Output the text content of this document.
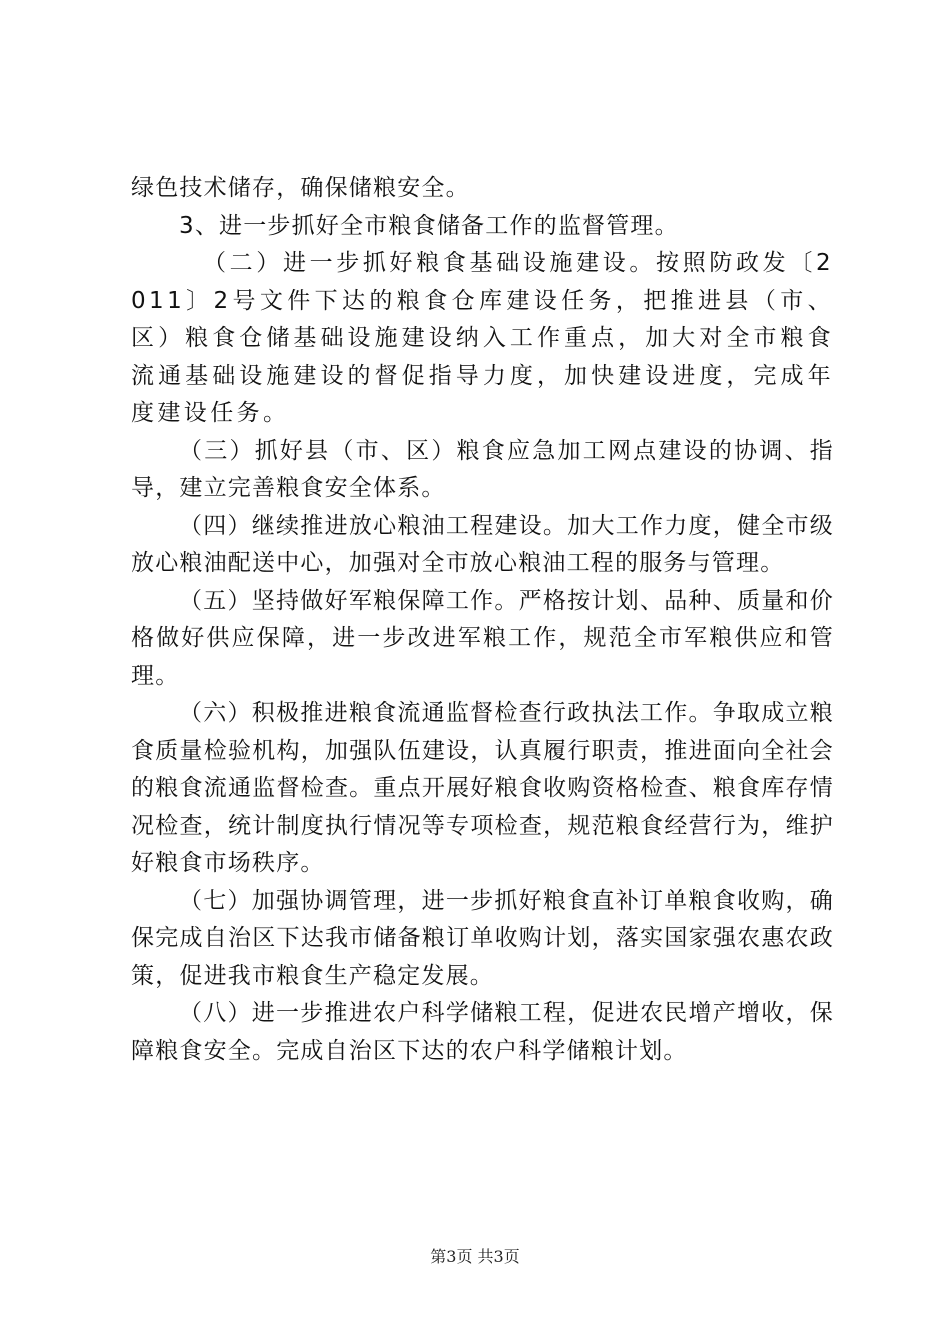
绿色技术储存，确保储粮安全。

3、进一步抓好全市粮食储备工作的监督管理。

（二）进一步抓好粮食基础设施建设。按照防政发〔2011〕2号文件下达的粮食仓库建设任务，把推进县（市、区）粮食仓储基础设施建设纳入工作重点，加大对全市粮食流通基础设施建设的督促指导力度，加快建设进度，完成年度建设任务。

（三）抓好县（市、区）粮食应急加工网点建设的协调、指导，建立完善粮食安全体系。

（四）继续推进放心粮油工程建设。加大工作力度，健全市级放心粮油配送中心，加强对全市放心粮油工程的服务与管理。

（五）坚持做好军粮保障工作。严格按计划、品种、质量和价格做好供应保障，进一步改进军粮工作，规范全市军粮供应和管理。

（六）积极推进粮食流通监督检查行政执法工作。争取成立粮食质量检验机构，加强队伍建设，认真履行职责，推进面向全社会的粮食流通监督检查。重点开展好粮食收购资格检查、粮食库存情况检查，统计制度执行情况等专项检查，规范粮食经营行为，维护好粮食市场秩序。

（七）加强协调管理，进一步抓好粮食直补订单粮食收购，确保完成自治区下达我市储备粮订单收购计划，落实国家强农惠农政策，促进我市粮食生产稳定发展。

（八）进一步推进农户科学储粮工程，促进农民增产增收，保障粮食安全。完成自治区下达的农户科学储粮计划。

第3页 共3页
